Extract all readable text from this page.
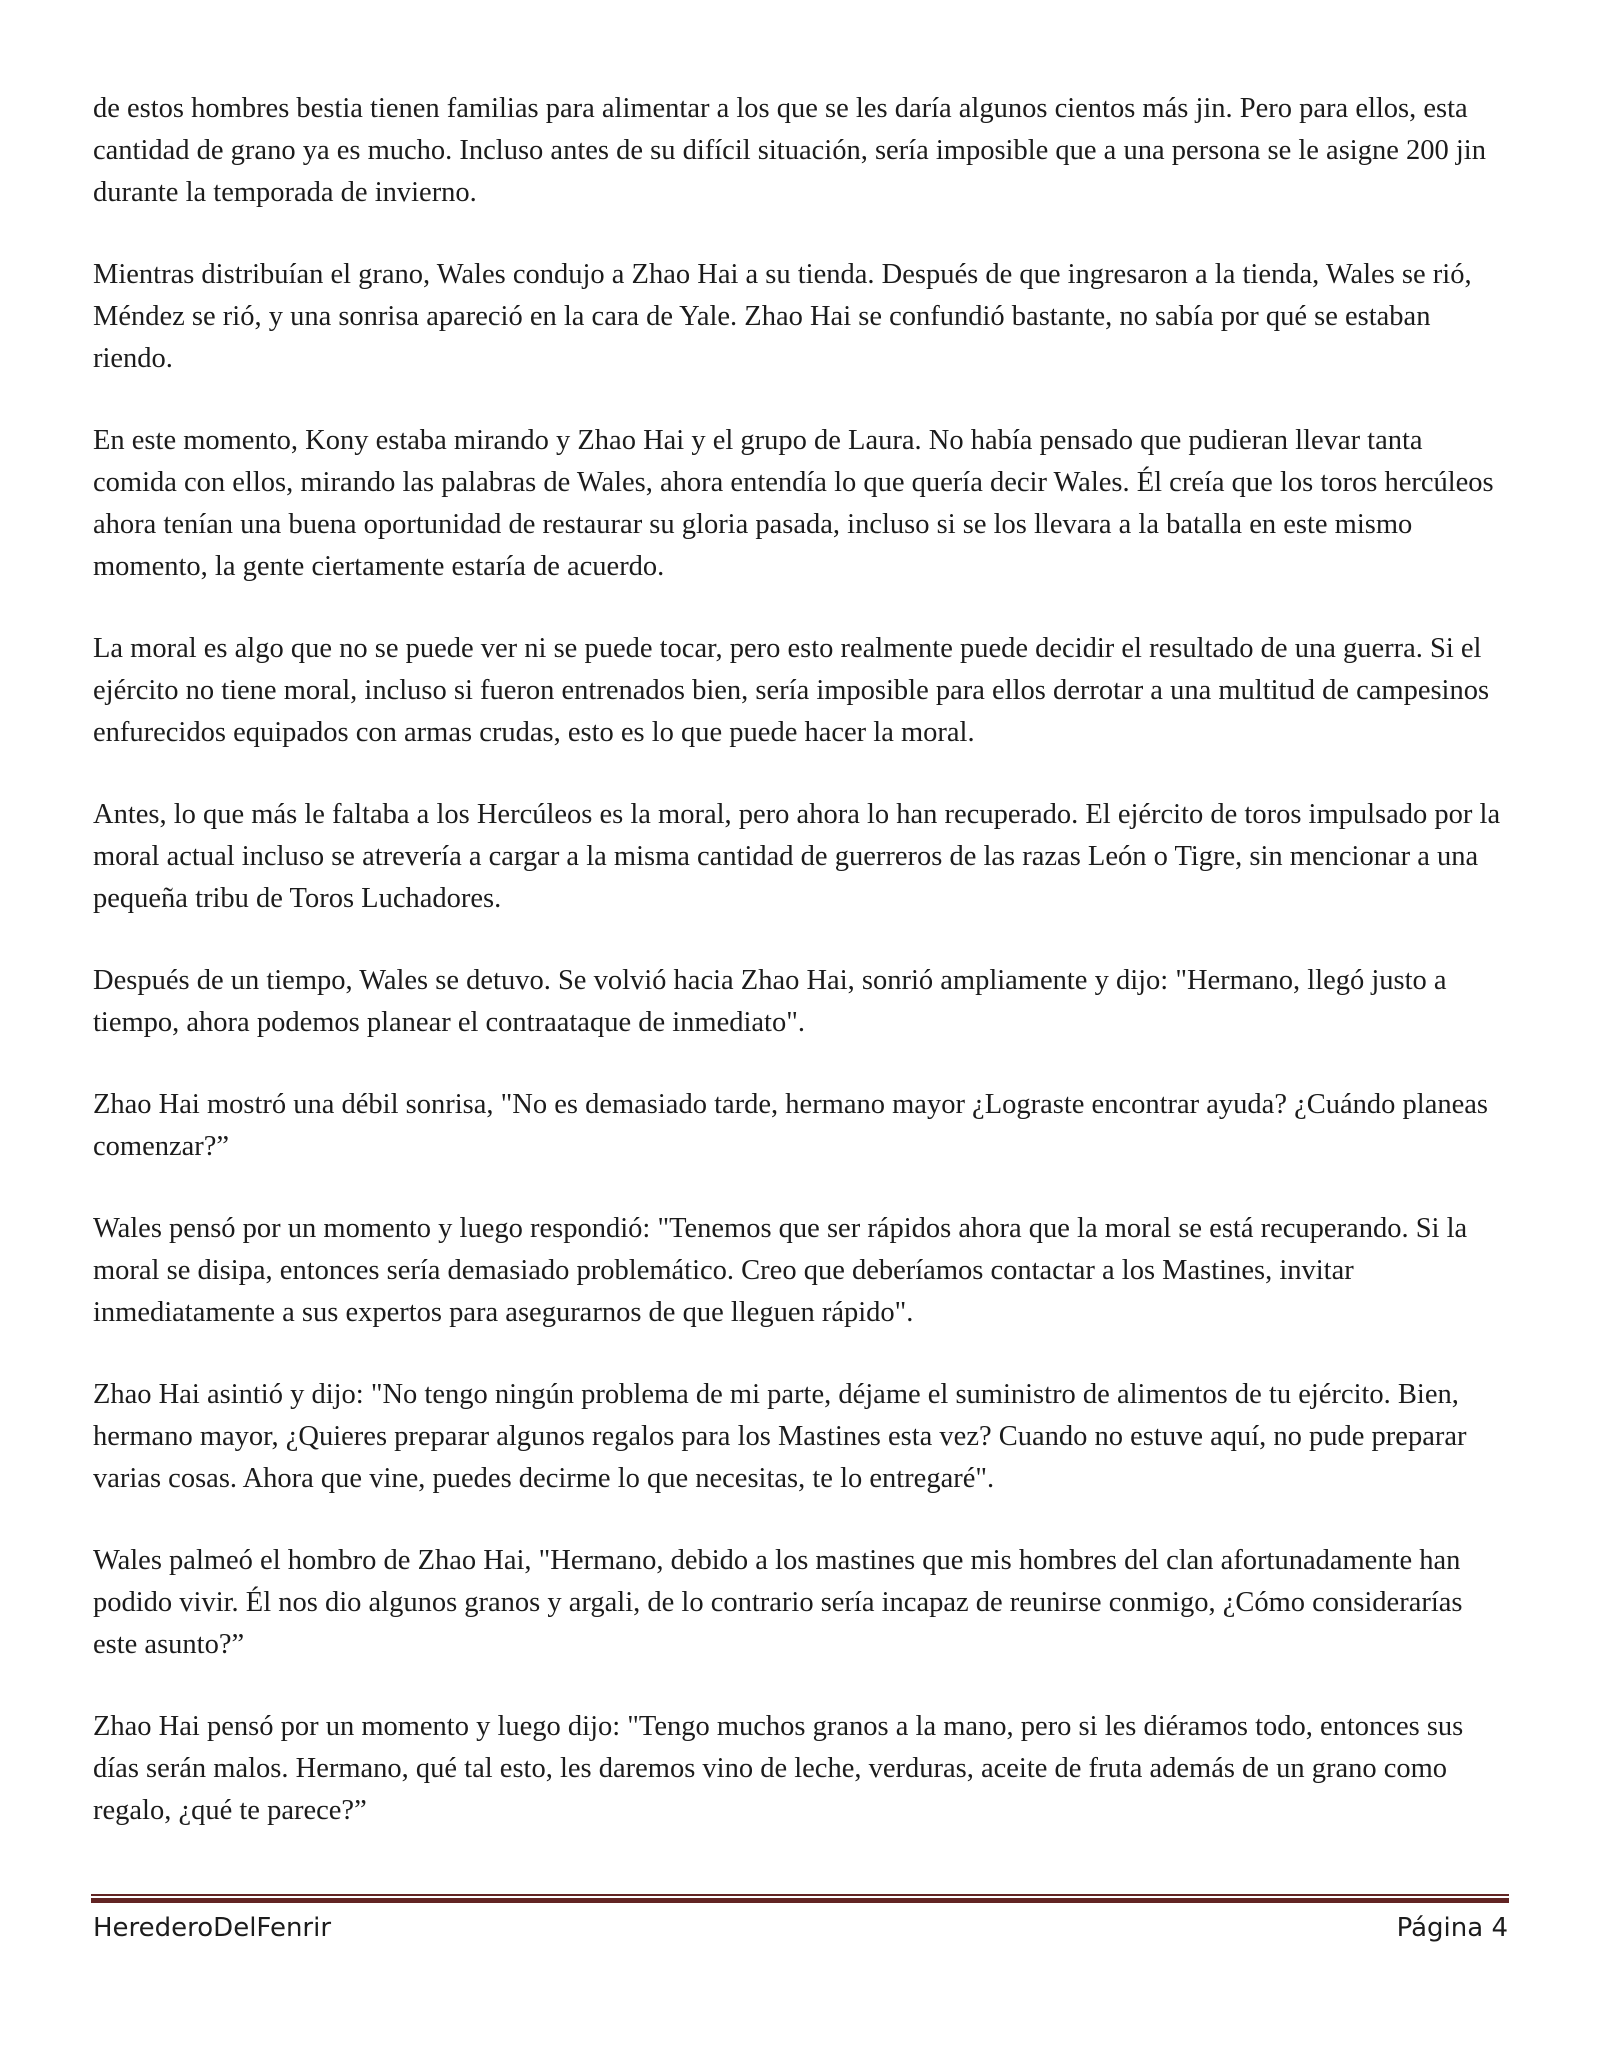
de estos hombres bestia tienen familias para alimentar a los que se les daría algunos cientos más jin. Pero para ellos, esta cantidad de grano ya es mucho. Incluso antes de su difícil situación, sería imposible que a una persona se le asigne 200 jin durante la temporada de invierno.

Mientras distribuían el grano, Wales condujo a Zhao Hai a su tienda. Después de que ingresaron a la tienda, Wales se rió, Méndez se rió, y una sonrisa apareció en la cara de Yale. Zhao Hai se confundió bastante, no sabía por qué se estaban riendo.

En este momento, Kony estaba mirando y Zhao Hai y el grupo de Laura. No había pensado que pudieran llevar tanta comida con ellos, mirando las palabras de Wales, ahora entendía lo que quería decir Wales. Él creía que los toros hercúleos ahora tenían una buena oportunidad de restaurar su gloria pasada, incluso si se los llevara a la batalla en este mismo momento, la gente ciertamente estaría de acuerdo.

La moral es algo que no se puede ver ni se puede tocar, pero esto realmente puede decidir el resultado de una guerra. Si el ejército no tiene moral, incluso si fueron entrenados bien, sería imposible para ellos derrotar a una multitud de campesinos enfurecidos equipados con armas crudas, esto es lo que puede hacer la moral.

Antes, lo que más le faltaba a los Hercúleos es la moral, pero ahora lo han recuperado. El ejército de toros impulsado por la moral actual incluso se atrevería a cargar a la misma cantidad de guerreros de las razas León o Tigre, sin mencionar a una pequeña tribu de Toros Luchadores.

Después de un tiempo, Wales se detuvo. Se volvió hacia Zhao Hai, sonrió ampliamente y dijo: "Hermano, llegó justo a tiempo, ahora podemos planear el contraataque de inmediato".

Zhao Hai mostró una débil sonrisa, "No es demasiado tarde, hermano mayor ¿Lograste encontrar ayuda? ¿Cuándo planeas comenzar?”

Wales pensó por un momento y luego respondió: "Tenemos que ser rápidos ahora que la moral se está recuperando. Si la moral se disipa, entonces sería demasiado problemático. Creo que deberíamos contactar a los Mastines, invitar inmediatamente a sus expertos para asegurarnos de que lleguen rápido".

Zhao Hai asintió y dijo: "No tengo ningún problema de mi parte, déjame el suministro de alimentos de tu ejército. Bien, hermano mayor, ¿Quieres preparar algunos regalos para los Mastines esta vez? Cuando no estuve aquí, no pude preparar varias cosas. Ahora que vine, puedes decirme lo que necesitas, te lo entregaré".

Wales palmeó el hombro de Zhao Hai, "Hermano, debido a los mastines que mis hombres del clan afortunadamente han podido vivir. Él nos dio algunos granos y argali, de lo contrario sería incapaz de reunirse conmigo, ¿Cómo considerarías este asunto?”

Zhao Hai pensó por un momento y luego dijo: "Tengo muchos granos a la mano, pero si les diéramos todo, entonces sus días serán malos. Hermano, qué tal esto, les daremos vino de leche, verduras, aceite de fruta además de un grano como regalo, ¿qué te parece?”

HerederoDelFenrir	Página 4
